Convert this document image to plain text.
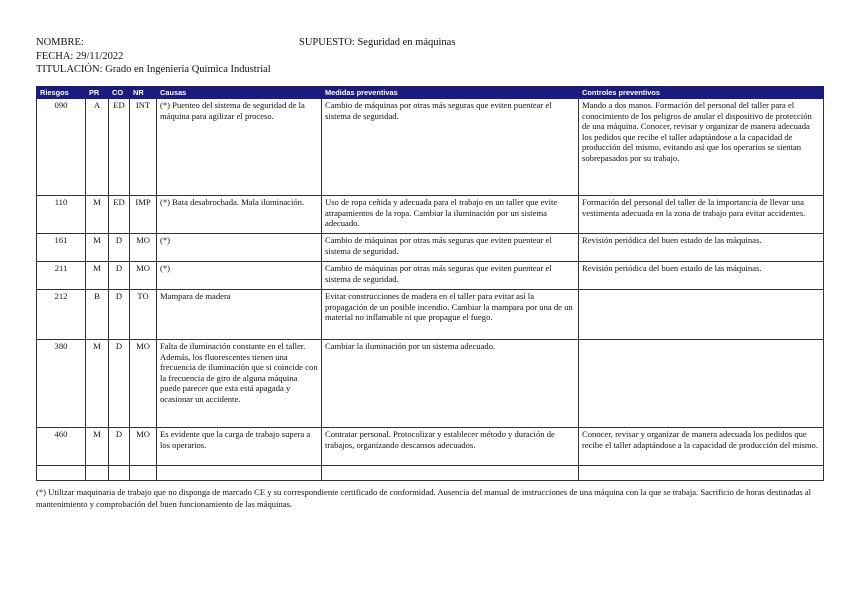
NOMBRE:
FECHA: 29/11/2022
TITULACIÓN: Grado en Ingeniería Química Industrial
SUPUESTO: Seguridad en máquinas
Riesgos	PR	CO	NR	Causas	Medidas preventivas	Controles preventivos
090	A	ED	INT	(*) Puenteo del sistema de seguridad de la máquina para agilizar el proceso.	Cambio de máquinas por otras más seguras que eviten puentear el sistema de seguridad.	Mando a dos manos. Formación del personal del taller para el conocimiento de los peligros de anular el dispositivo de protección de una máquina. Conocer, revisar y organizar de manera adecuada los pedidos que recibe el taller adaptándose a la capacidad de producción del mismo, evitando así que los operarios se sientan sobrepasados por su trabajo.
110	M	ED	IMP	(*) Bata desabrochada. Mala iluminación.	Uso de ropa ceñida y adecuada para el trabajo en un taller que evite atrapamientos de la ropa. Cambiar la iluminación por un sistema adecuado.	Formación del personal del taller de la importancia de llevar una vestimenta adecuada en la zona de trabajo para evitar accidentes.
161	M	D	MO	(*)	Cambio de máquinas por otras más seguras que eviten puentear el sistema de seguridad.	Revisión periódica del buen estado de las máquinas.
211	M	D	MO	(*)	Cambio de máquinas por otras más seguras que eviten puentear el sistema de seguridad.	Revisión periódica del buen estado de las máquinas.
212	B	D	TO	Mampara de madera	Evitar construcciones de madera en el taller para evitar así la propagación de un posible incendio. Cambiar la mampara por una de un material no inflamable ni que propague el fuego.	
380	M	D	MO	Falta de iluminación constante en el taller. Además, los fluorescentes tienen una frecuencia de iluminación que si coincide con la frecuencia de giro de alguna máquina puede parecer que esta está apagada y ocasionar un accidente.	Cambiar la iluminación por un sistema adecuado.	
460	M	D	MO	Es evidente que la carga de trabajo supera a los operarios.	Contratar personal. Protocolizar y establecer método y duración de trabajos, organizando descansos adecuados.	Conocer, revisar y organizar de manera adecuada los pedidos que recibe el taller adaptándose a la capacidad de producción del mismo.

(*) Utilizar maquinaria de trabajo que no disponga de marcado CE y su correspondiente certificado de conformidad. Ausencia del manual de instrucciones de una máquina con la que se trabaja. Sacrificio de horas destinadas al mantenimiento y comprobación del buen funcionamiento de las máquinas.
